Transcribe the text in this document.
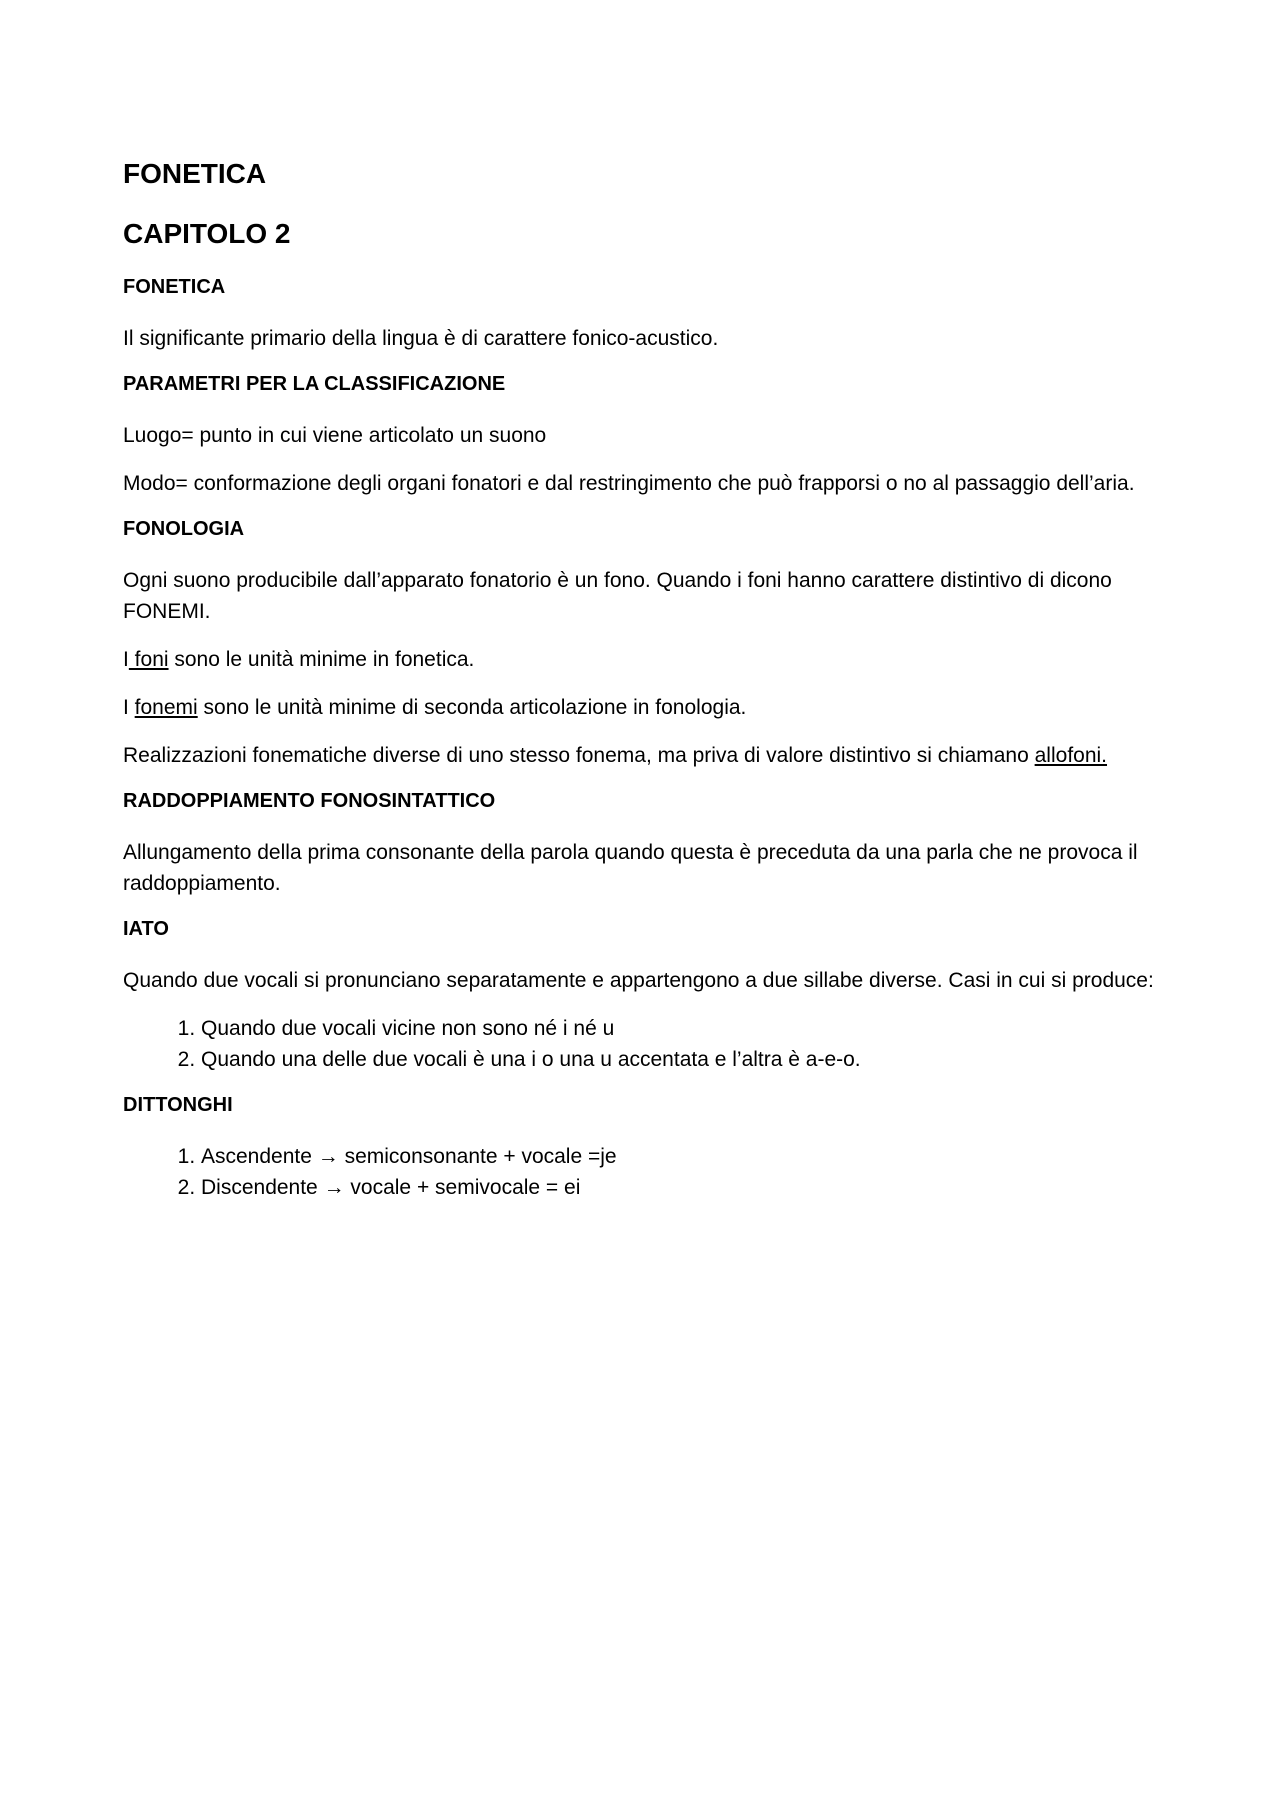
FONETICA
CAPITOLO 2
FONETICA

Il significante primario della lingua è di carattere fonico-acustico.

PARAMETRI PER LA CLASSIFICAZIONE

Luogo= punto in cui viene articolato un suono

Modo= conformazione degli organi fonatori e dal restringimento che può frapporsi o no al passaggio dell’aria.

FONOLOGIA

Ogni suono producibile dall’apparato fonatorio è un fono. Quando i foni hanno carattere distintivo di dicono FONEMI.

I foni sono le unità minime in fonetica.

I fonemi sono le unità minime di seconda articolazione in fonologia.

Realizzazioni fonematiche diverse di uno stesso fonema, ma priva di valore distintivo si chiamano allofoni.

RADDOPPIAMENTO FONOSINTATTICO

Allungamento della prima consonante della parola quando questa è preceduta da una parla che ne provoca il raddoppiamento.

IATO

Quando due vocali si pronunciano separatamente e appartengono a due sillabe diverse. Casi in cui si produce:

1. Quando due vocali vicine non sono né i né u
2. Quando una delle due vocali è una i o una u accentata e l’altra è a-e-o.
DITTONGHI
1. Ascendente → semiconsonante + vocale =je
2. Discendente → vocale + semivocale = ei
